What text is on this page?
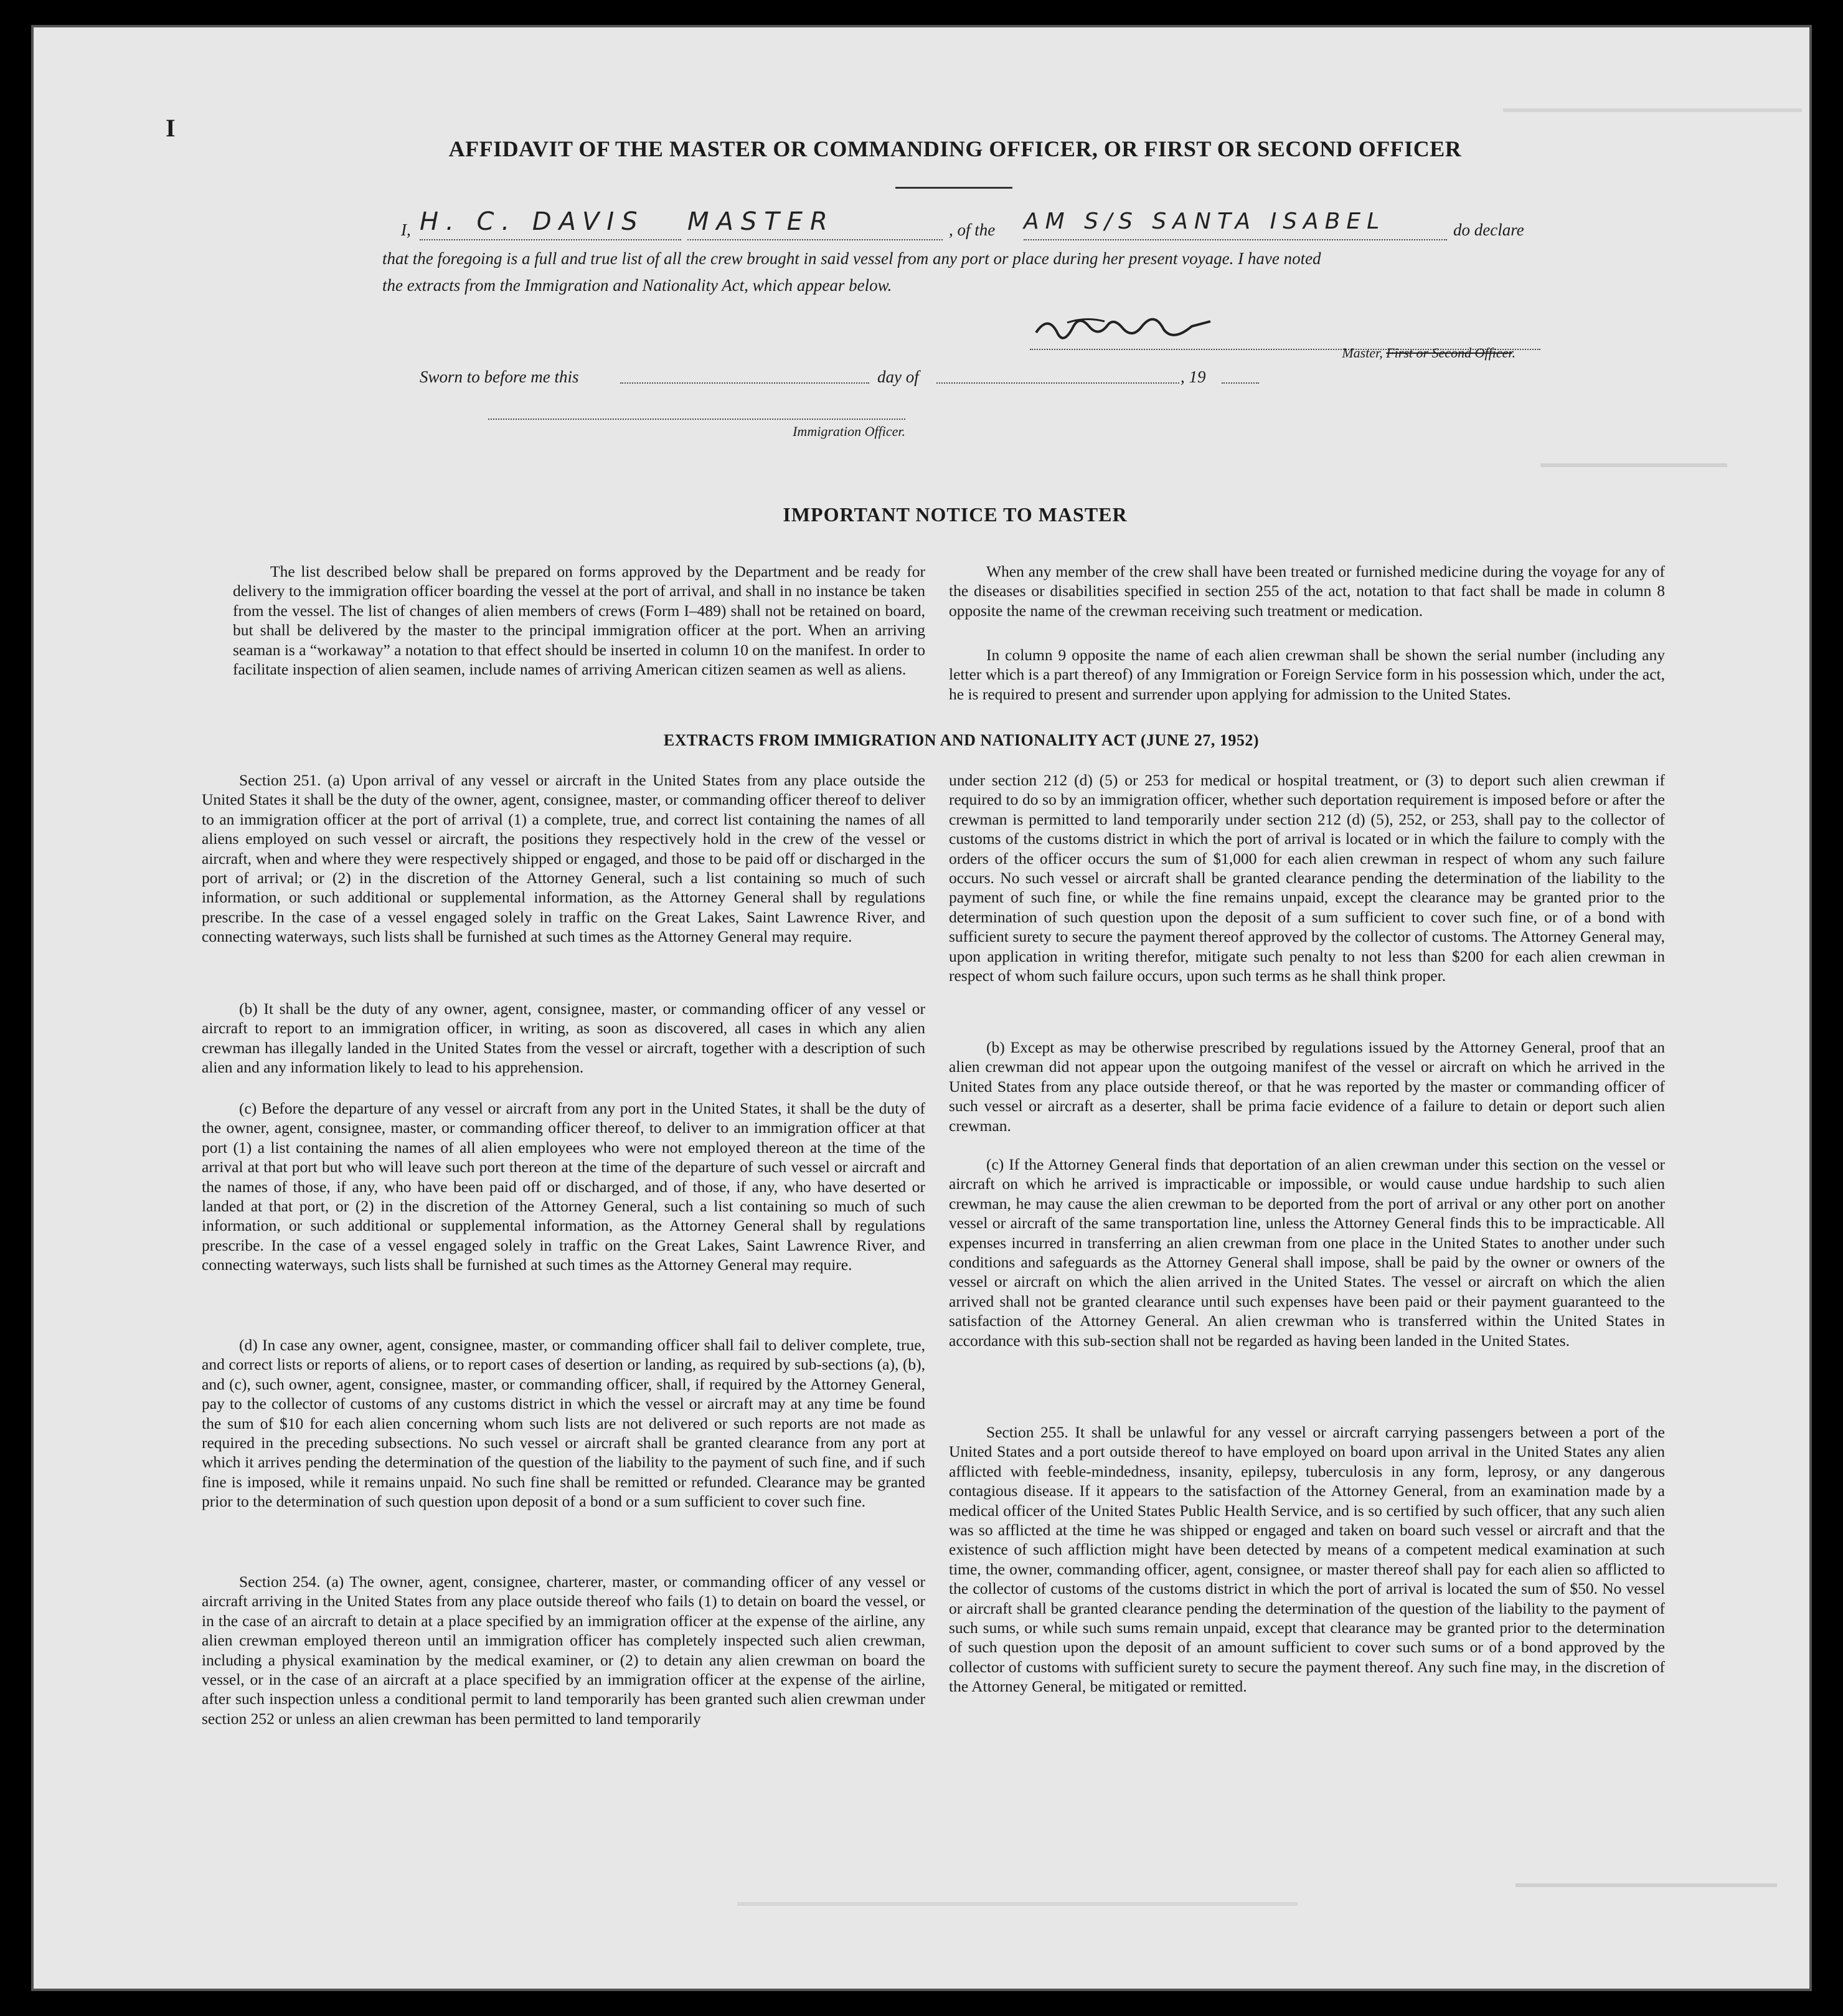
I
AFFIDAVIT OF THE MASTER OR COMMANDING OFFICER, OR FIRST OR SECOND OFFICER
I, H. C. DAVIS	MASTER	, of the AM S/S SANTA ISABEL	do declare
that the foregoing is a full and true list of all the crew brought in said vessel from any port or place during her present voyage. I have noted
the extracts from the Immigration and Nationality Act, which appear below.
Master, First or Second Officer.
Sworn to before me this	day of	, 19
Immigration Officer.
IMPORTANT NOTICE TO MASTER

The list described below shall be prepared on forms approved by the Department and be ready for delivery to the immigration officer boarding the vessel at the port of arrival, and shall in no instance be taken from the vessel. The list of changes of alien members of crews (Form I–489) shall not be retained on board, but shall be delivered by the master to the principal immigration officer at the port. When an arriving seaman is a “workaway” a notation to that effect should be inserted in column 10 on the manifest. In order to facilitate inspection of alien seamen, include names of arriving American citizen seamen as well as aliens.

When any member of the crew shall have been treated or furnished medicine during the voyage for any of the diseases or disabilities specified in section 255 of the act, notation to that fact shall be made in column 8 opposite the name of the crewman receiving such treatment or medication.

In column 9 opposite the name of each alien crewman shall be shown the serial number (including any letter which is a part thereof) of any Immigration or Foreign Service form in his possession which, under the act, he is required to present and surrender upon applying for admission to the United States.

EXTRACTS FROM IMMIGRATION AND NATIONALITY ACT (JUNE 27, 1952)

Section 251. (a) Upon arrival of any vessel or aircraft in the United States from any place outside the United States it shall be the duty of the owner, agent, consignee, master, or commanding officer thereof to deliver to an immigration officer at the port of arrival (1) a complete, true, and correct list containing the names of all aliens employed on such vessel or aircraft, the positions they respectively hold in the crew of the vessel or aircraft, when and where they were respectively shipped or engaged, and those to be paid off or discharged in the port of arrival; or (2) in the discretion of the Attorney General, such a list containing so much of such information, or such additional or supplemental information, as the Attorney General shall by regulations prescribe. In the case of a vessel engaged solely in traffic on the Great Lakes, Saint Lawrence River, and connecting waterways, such lists shall be furnished at such times as the Attorney General may require.

(b) It shall be the duty of any owner, agent, consignee, master, or commanding officer of any vessel or aircraft to report to an immigration officer, in writing, as soon as discovered, all cases in which any alien crewman has illegally landed in the United States from the vessel or aircraft, together with a description of such alien and any information likely to lead to his apprehension.

(c) Before the departure of any vessel or aircraft from any port in the United States, it shall be the duty of the owner, agent, consignee, master, or commanding officer thereof, to deliver to an immigration officer at that port (1) a list containing the names of all alien employees who were not employed thereon at the time of the arrival at that port but who will leave such port thereon at the time of the departure of such vessel or aircraft and the names of those, if any, who have been paid off or discharged, and of those, if any, who have deserted or landed at that port, or (2) in the discretion of the Attorney General, such a list containing so much of such information, or such additional or supplemental information, as the Attorney General shall by regulations prescribe. In the case of a vessel engaged solely in traffic on the Great Lakes, Saint Lawrence River, and connecting waterways, such lists shall be furnished at such times as the Attorney General may require.

(d) In case any owner, agent, consignee, master, or commanding officer shall fail to deliver complete, true, and correct lists or reports of aliens, or to report cases of desertion or landing, as required by sub-sections (a), (b), and (c), such owner, agent, consignee, master, or commanding officer, shall, if required by the Attorney General, pay to the collector of customs of any customs district in which the vessel or aircraft may at any time be found the sum of $10 for each alien concerning whom such lists are not delivered or such reports are not made as required in the preceding subsections. No such vessel or aircraft shall be granted clearance from any port at which it arrives pending the determination of the question of the liability to the payment of such fine, and if such fine is imposed, while it remains unpaid. No such fine shall be remitted or refunded. Clearance may be granted prior to the determination of such question upon deposit of a bond or a sum sufficient to cover such fine.

Section 254. (a) The owner, agent, consignee, charterer, master, or commanding officer of any vessel or aircraft arriving in the United States from any place outside thereof who fails (1) to detain on board the vessel, or in the case of an aircraft to detain at a place specified by an immigration officer at the expense of the airline, any alien crewman employed thereon until an immigration officer has completely inspected such alien crewman, including a physical examination by the medical examiner, or (2) to detain any alien crewman on board the vessel, or in the case of an aircraft at a place specified by an immigration officer at the expense of the airline, after such inspection unless a conditional permit to land temporarily has been granted such alien crewman under section 252 or unless an alien crewman has been permitted to land temporarily

under section 212 (d) (5) or 253 for medical or hospital treatment, or (3) to deport such alien crewman if required to do so by an immigration officer, whether such deportation requirement is imposed before or after the crewman is permitted to land temporarily under section 212 (d) (5), 252, or 253, shall pay to the collector of customs of the customs district in which the port of arrival is located or in which the failure to comply with the orders of the officer occurs the sum of $1,000 for each alien crewman in respect of whom any such failure occurs. No such vessel or aircraft shall be granted clearance pending the determination of the liability to the payment of such fine, or while the fine remains unpaid, except the clearance may be granted prior to the determination of such question upon the deposit of a sum sufficient to cover such fine, or of a bond with sufficient surety to secure the payment thereof approved by the collector of customs. The Attorney General may, upon application in writing therefor, mitigate such penalty to not less than $200 for each alien crewman in respect of whom such failure occurs, upon such terms as he shall think proper.

(b) Except as may be otherwise prescribed by regulations issued by the Attorney General, proof that an alien crewman did not appear upon the outgoing manifest of the vessel or aircraft on which he arrived in the United States from any place outside thereof, or that he was reported by the master or commanding officer of such vessel or aircraft as a deserter, shall be prima facie evidence of a failure to detain or deport such alien crewman.

(c) If the Attorney General finds that deportation of an alien crewman under this section on the vessel or aircraft on which he arrived is impracticable or impossible, or would cause undue hardship to such alien crewman, he may cause the alien crewman to be deported from the port of arrival or any other port on another vessel or aircraft of the same transportation line, unless the Attorney General finds this to be impracticable. All expenses incurred in transferring an alien crewman from one place in the United States to another under such conditions and safeguards as the Attorney General shall impose, shall be paid by the owner or owners of the vessel or aircraft on which the alien arrived in the United States. The vessel or aircraft on which the alien arrived shall not be granted clearance until such expenses have been paid or their payment guaranteed to the satisfaction of the Attorney General. An alien crewman who is transferred within the United States in accordance with this sub-section shall not be regarded as having been landed in the United States.

Section 255. It shall be unlawful for any vessel or aircraft carrying passengers between a port of the United States and a port outside thereof to have employed on board upon arrival in the United States any alien afflicted with feeble-mindedness, insanity, epilepsy, tuberculosis in any form, leprosy, or any dangerous contagious disease. If it appears to the satisfaction of the Attorney General, from an examination made by a medical officer of the United States Public Health Service, and is so certified by such officer, that any such alien was so afflicted at the time he was shipped or engaged and taken on board such vessel or aircraft and that the existence of such affliction might have been detected by means of a competent medical examination at such time, the owner, commanding officer, agent, consignee, or master thereof shall pay for each alien so afflicted to the collector of customs of the customs district in which the port of arrival is located the sum of $50. No vessel or aircraft shall be granted clearance pending the determination of the question of the liability to the payment of such sums, or while such sums remain unpaid, except that clearance may be granted prior to the determination of such question upon the deposit of an amount sufficient to cover such sums or of a bond approved by the collector of customs with sufficient surety to secure the payment thereof. Any such fine may, in the discretion of the Attorney General, be mitigated or remitted.
